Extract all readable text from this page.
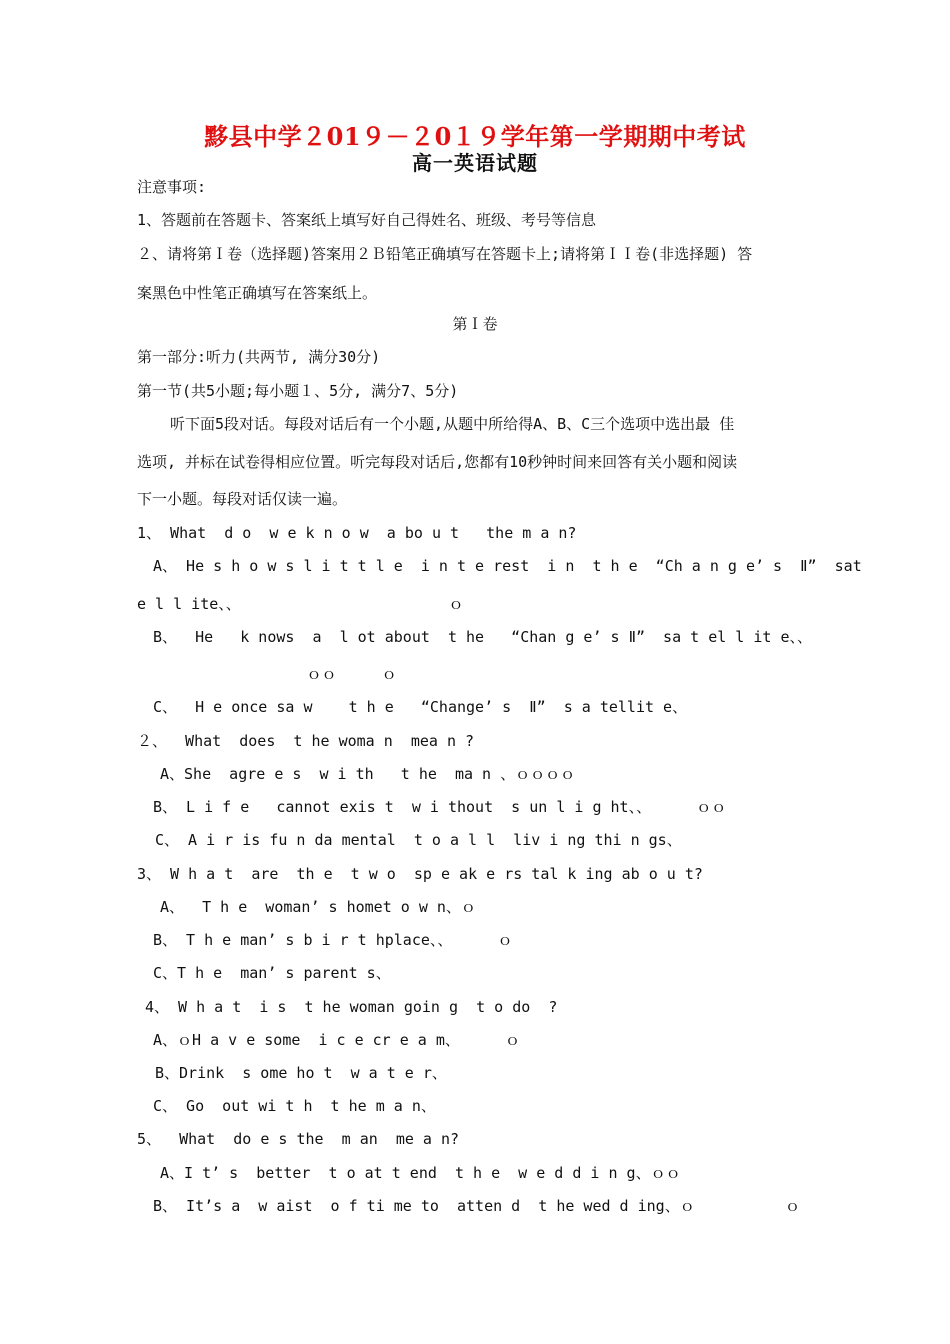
黟县中学２01９－２0１９学年第一学期期中考试
高一英语试题
注意事项:
1、答题前在答题卡、答案纸上填写好自己得姓名、班级、考号等信息
２、请将第Ｉ卷（选择题)答案用２Ｂ铅笔正确填写在答题卡上;请将第ＩＩ卷(非选择题) 答
案黑色中性笔正确填写在答案纸上。
第Ｉ卷
第一部分:听力(共两节, 满分30分)
第一节(共5小题;每小题１、5分, 满分7、5分)
听下面5段对话。每段对话后有一个小题,从题中所给得A、B、C三个选项中选出最 佳
选项, 并标在试卷得相应位置。听完每段对话后,您都有10秒钟时间来回答有关小题和阅读
下一小题。每段对话仅读一遍。
1、 What  d o  w e k n o w  a bo u t   the m a n?
A、 He s h o w s l i t t l e  i n t e rest  i n  t h e  “Ch a n g e’ s  Ⅱ”  sat
e l l ite、、                       ｏ
B、  He   k nows  a  l ot about  t he   “Chan g e’ s Ⅱ”  sa t el l it e、、
ｏｏ     ｏ
C、  H e once sa w    t h e   “Change’ s  Ⅱ”  s a tellit e、
２、  What  does  t he woma n  mea n ?
A、She  agre e s  w i th   t he  ma n 、ｏｏｏｏ
B、 L i f e   cannot exis t  w i thout  s un l i g ht、、     ｏｏ
C、 A i r is fu n da mental  t o a l l  liv i ng thi n gs、
3、 W h a t  are  th e  t w o  sp e ak e rs tal k ing ab o u t?
A、  T h e  woman’ s homet o w n、ｏ
B、 T h e man’ s b i r t hplace、、     ｏ
C、T h e  man’ s parent s、
4、 W h a t  i s  t he woman goin g  t o do  ?
A、ｏH a v e some  i c e cr e a m、     ｏ
B、Drink  s ome ho t  w a t e r、
C、 Go  out wi t h  t he m a n、
5、  What  do e s the  m an  me a n?
A、I t’ s  better  t o at t end  t h e  w e d d i n g、ｏｏ
B、 It’s a  w aist  o f ti me to  atten d  t he wed d ing、ｏ          ｏ
